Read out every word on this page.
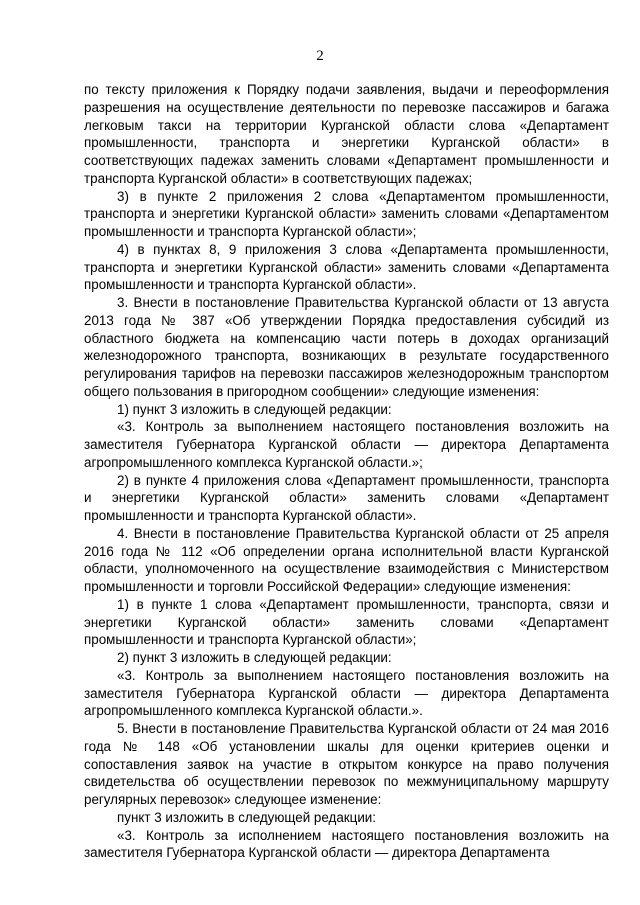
2

по тексту приложения к Порядку подачи заявления, выдачи и переоформления разрешения на осуществление деятельности по перевозке пассажиров и багажа легковым такси на территории Курганской области слова «Департамент промышленности, транспорта и энергетики Курганской области» в соответствующих падежах заменить словами «Департамент промышленности и транспорта Курганской области» в соответствующих падежах;

3) в пункте 2 приложения 2 слова «Департаментом промышленности, транспорта и энергетики Курганской области» заменить словами «Департаментом промышленности и транспорта Курганской области»;

4) в пунктах 8, 9 приложения 3 слова «Департамента промышленности, транспорта и энергетики Курганской области» заменить словами «Департамента промышленности и транспорта Курганской области».

3. Внести в постановление Правительства Курганской области от 13 августа 2013 года № 387 «Об утверждении Порядка предоставления субсидий из областного бюджета на компенсацию части потерь в доходах организаций железнодорожного транспорта, возникающих в результате государственного регулирования тарифов на перевозки пассажиров железнодорожным транспортом общего пользования в пригородном сообщении» следующие изменения:

1) пункт 3 изложить в следующей редакции:

«3. Контроль за выполнением настоящего постановления возложить на заместителя Губернатора Курганской области — директора Департамента агропромышленного комплекса Курганской области.»;

2) в пункте 4 приложения слова «Департамент промышленности, транспорта и энергетики Курганской области» заменить словами «Департамент промышленности и транспорта Курганской области».

4. Внести в постановление Правительства Курганской области от 25 апреля 2016 года № 112 «Об определении органа исполнительной власти Курганской области, уполномоченного на осуществление взаимодействия с Министерством промышленности и торговли Российской Федерации» следующие изменения:

1) в пункте 1 слова «Департамент промышленности, транспорта, связи и энергетики Курганской области» заменить словами «Департамент промышленности и транспорта Курганской области»;

2) пункт 3 изложить в следующей редакции:

«3. Контроль за выполнением настоящего постановления возложить на заместителя Губернатора Курганской области — директора Департамента агропромышленного комплекса Курганской области.».

5. Внести в постановление Правительства Курганской области от 24 мая 2016 года № 148 «Об установлении шкалы для оценки критериев оценки и сопоставления заявок на участие в открытом конкурсе на право получения свидетельства об осуществлении перевозок по межмуниципальному маршруту регулярных перевозок» следующее изменение:

пункт 3 изложить в следующей редакции:

«3. Контроль за исполнением настоящего постановления возложить на заместителя Губернатора Курганской области — директора Департамента
